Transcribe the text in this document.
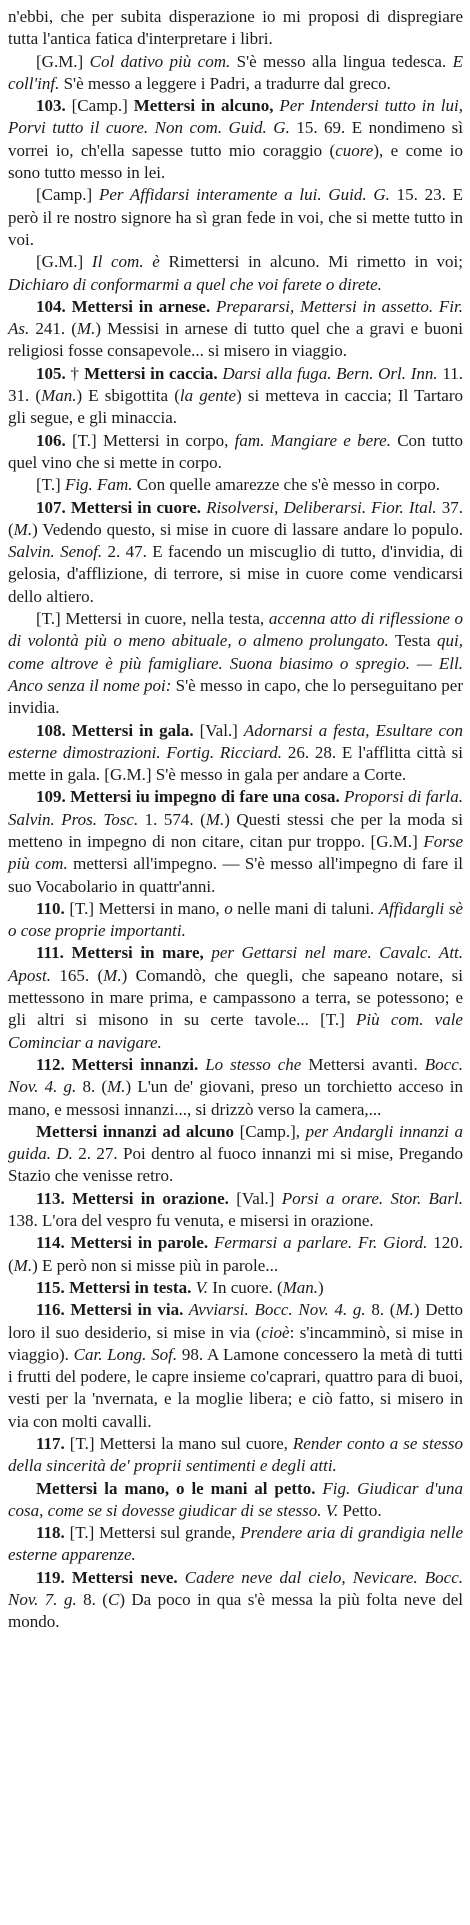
n'ebbi, che per subita disperazione io mi proposi di dispregiare tutta l'antica fatica d'interpretare i libri.

[G.M.] Col dativo più com. S'è messo alla lingua tedesca. E coll'inf. S'è messo a leggere i Padri, a tradurre dal greco.

103. [Camp.] Mettersi in alcuno, Per Intendersi tutto in lui, Porvi tutto il cuore. Non com. Guid. G. 15. 69. E nondimeno sì vorrei io, ch'ella sapesse tutto mio coraggio (cuore), e come io sono tutto messo in lei.

[Camp.] Per Affidarsi interamente a lui. Guid. G. 15. 23. E però il re nostro signore ha sì gran fede in voi, che si mette tutto in voi.

[G.M.] Il com. è Rimettersi in alcuno. Mi rimetto in voi; Dichiaro di conformarmi a quel che voi farete o direte.

104. Mettersi in arnese. Prepararsi, Mettersi in assetto. Fir. As. 241. (M.) Messisi in arnese di tutto quel che a gravi e buoni religiosi fosse consapevole... si misero in viaggio.

105. † Mettersi in caccia. Darsi alla fuga. Bern. Orl. Inn. 11. 31. (Man.) E sbigottita (la gente) si metteva in caccia; Il Tartaro gli segue, e gli minaccia.

106. [T.] Mettersi in corpo, fam. Mangiare e bere. Con tutto quel vino che si mette in corpo.

[T.] Fig. Fam. Con quelle amarezze che s'è messo in corpo.

107. Mettersi in cuore. Risolversi, Deliberarsi. Fior. Ital. 37. (M.) Vedendo questo, si mise in cuore di lassare andare lo populo. Salvin. Senof. 2. 47. E facendo un miscuglio di tutto, d'invidia, di gelosia, d'afflizione, di terrore, si mise in cuore come vendicarsi dello altiero.

[T.] Mettersi in cuore, nella testa, accenna atto di riflessione o di volontà più o meno abituale, o almeno prolungato. Testa qui, come altrove è più famigliare. Suona biasimo o spregio. — Ell. Anco senza il nome poi: S'è messo in capo, che lo perseguitano per invidia.

108. Mettersi in gala. [Val.] Adornarsi a festa, Esultare con esterne dimostrazioni. Fortig. Ricciard. 26. 28. E l'afflitta città si mette in gala. [G.M.] S'è messo in gala per andare a Corte.

109. Mettersi iu impegno di fare una cosa. Proporsi di farla. Salvin. Pros. Tosc. 1. 574. (M.) Questi stessi che per la moda si metteno in impegno di non citare, citan pur troppo. [G.M.] Forse più com. mettersi all'impegno. — S'è messo all'impegno di fare il suo Vocabolario in quattr'anni.

110. [T.] Mettersi in mano, o nelle mani di taluni. Affidargli sè o cose proprie importanti.

111. Mettersi in mare, per Gettarsi nel mare. Cavalc. Att. Apost. 165. (M.) Comandò, che quegli, che sapeano notare, si mettessono in mare prima, e campassono a terra, se potessono; e gli altri si misono in su certe tavole... [T.] Più com. vale Cominciar a navigare.

112. Mettersi innanzi. Lo stesso che Mettersi avanti. Bocc. Nov. 4. g. 8. (M.) L'un de' giovani, preso un torchietto acceso in mano, e messosi innanzi..., si drizzò verso la camera,...

Mettersi innanzi ad alcuno [Camp.], per Andargli innanzi a guida. D. 2. 27. Poi dentro al fuoco innanzi mi si mise, Pregando Stazio che venisse retro.

113. Mettersi in orazione. [Val.] Porsi a orare. Stor. Barl. 138. L'ora del vespro fu venuta, e misersi in orazione.

114. Mettersi in parole. Fermarsi a parlare. Fr. Giord. 120. (M.) E però non si misse più in parole...

115. Mettersi in testa. V. In cuore. (Man.)

116. Mettersi in via. Avviarsi. Bocc. Nov. 4. g. 8. (M.) Detto loro il suo desiderio, si mise in via (cioè: s'incamminò, si mise in viaggio). Car. Long. Sof. 98. A Lamone concessero la metà di tutti i frutti del podere, le capre insieme co'caprari, quattro para di buoi, vesti per la 'nvernata, e la moglie libera; e ciò fatto, si misero in via con molti cavalli.

117. [T.] Mettersi la mano sul cuore, Render conto a se stesso della sincerità de' proprii sentimenti e degli atti.

Mettersi la mano, o le mani al petto. Fig. Giudicar d'una cosa, come se si dovesse giudicar di se stesso. V. Petto.

118. [T.] Mettersi sul grande, Prendere aria di grandigia nelle esterne apparenze.

119. Mettersi neve. Cadere neve dal cielo, Nevicare. Bocc. Nov. 7. g. 8. (C) Da poco in qua s'è messa la più folta neve del mondo.
